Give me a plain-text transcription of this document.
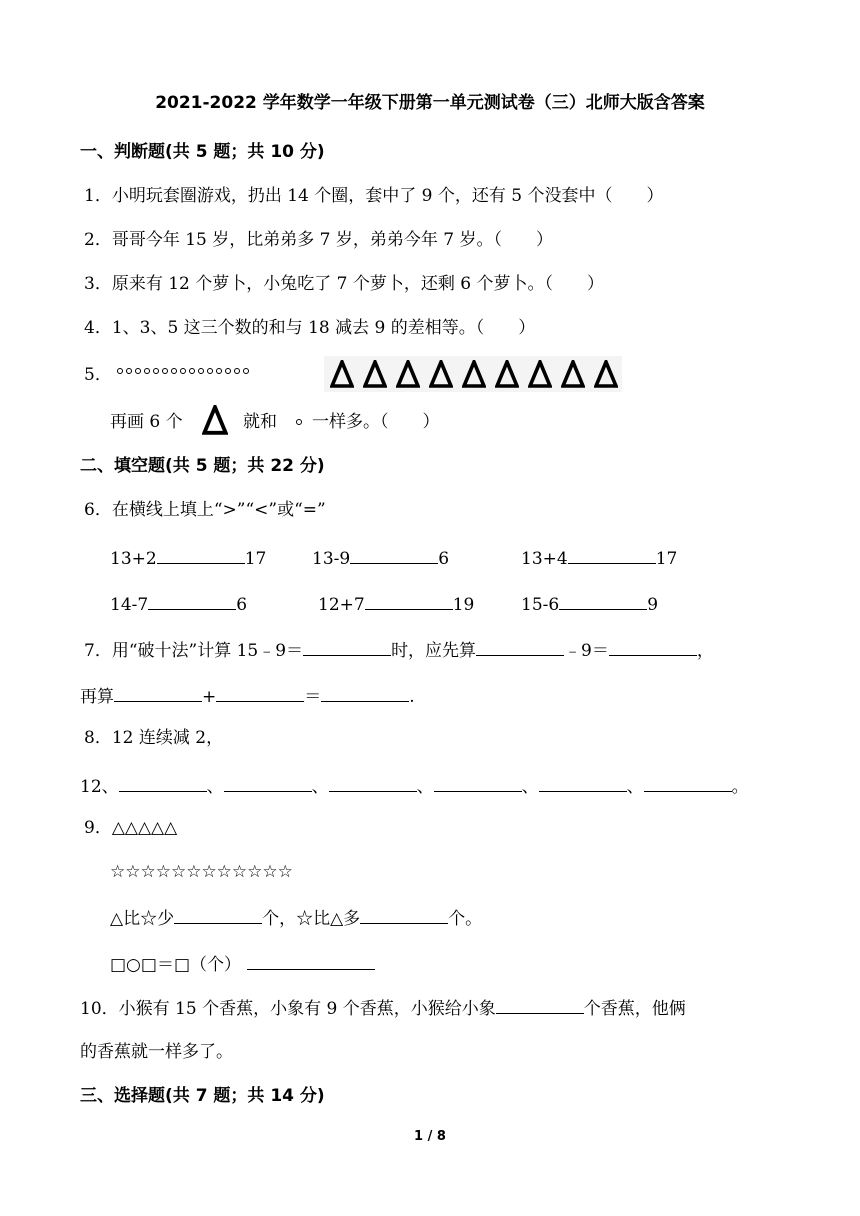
2021-2022 学年数学一年级下册第一单元测试卷（三）北师大版含答案
一、判断题(共 5 题；共 10 分)
1．小明玩套圈游戏，扔出 14 个圈，套中了 9 个，还有 5 个没套中（　　）
2．哥哥今年 15 岁，比弟弟多 7 岁，弟弟今年 7 岁。（　　）
3．原来有 12 个萝卜，小兔吃了 7 个萝卜，还剩 6 个萝卜。（　　）
4．1、3、5 这三个数的和与 18 减去 9 的差相等。（　　）
5．
再画 6 个	就和 一样多。（　　）
二、填空题(共 5 题；共 22 分)
6．在横线上填上“>”“<”或“=”
13+2	17	13-9	6	13+4	17
14-7	6	12+7	19	15-6	9
7．用“破十法”计算 15﹣9＝	时，应先算	﹣9＝	，
再算	+	＝	.
8．12 连续减 2，
12、	、	、	、	、	、	。
9．△△△△△
☆☆☆☆☆☆☆☆☆☆☆☆
△比☆少	个，☆比△多	个。
□○□＝□（个）
10．小猴有 15 个香蕉，小象有 9 个香蕉，小猴给小象	个香蕉，他俩
的香蕉就一样多了。
三、选择题(共 7 题；共 14 分)
1 / 8
